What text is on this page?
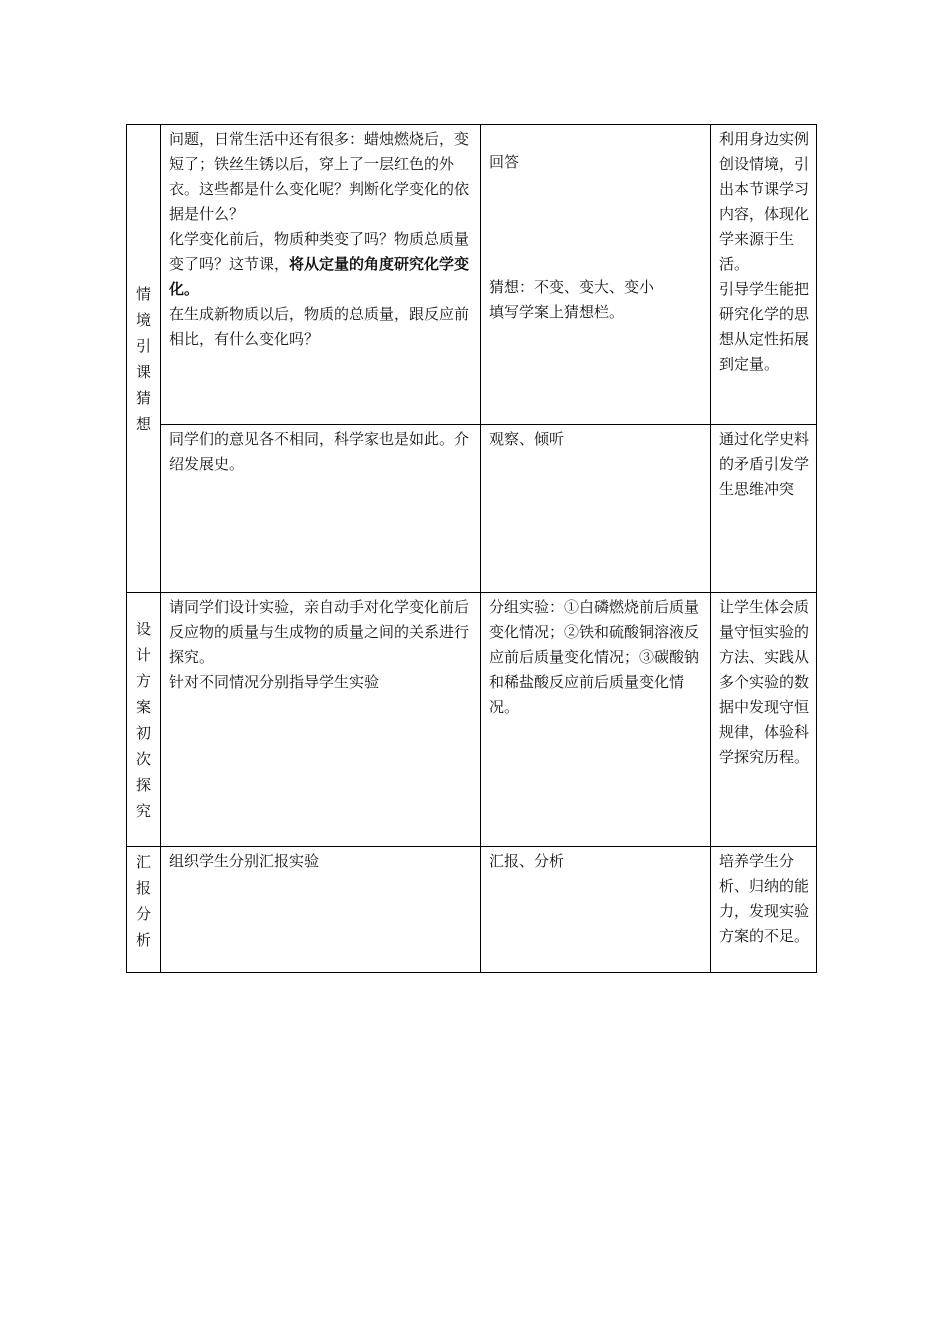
情境引课猜想	问题，日常生活中还有很多：蜡烛燃烧后，变短了；铁丝生锈以后，穿上了一层红色的外衣。这些都是什么变化呢？判断化学变化的依据是什么？
化学变化前后，物质种类变了吗？物质总质量变了吗？这节课，将从定量的角度研究化学变化。
在生成新物质以后，物质的总质量，跟反应前相比，有什么变化吗？	回答
猜想：不变、变大、变小
填写学案上猜想栏。	利用身边实例创设情境，引出本节课学习内容，体现化学来源于生活。
引导学生能把研究化学的思想从定性拓展到定量。

	同学们的意见各不相同，科学家也是如此。介绍发展史。	观察、倾听	通过化学史料的矛盾引发学生思维冲突

设计方案初次探究	请同学们设计实验，亲自动手对化学变化前后反应物的质量与生成物的质量之间的关系进行探究。
针对不同情况分别指导学生实验	分组实验：①白磷燃烧前后质量变化情况；②铁和硫酸铜溶液反应前后质量变化情况；③碳酸钠和稀盐酸反应前后质量变化情况。	让学生体会质量守恒实验的方法、实践从多个实验的数据中发现守恒规律，体验科学探究历程。

汇报分析	组织学生分别汇报实验	汇报、分析	培养学生分析、归纳的能力，发现实验方案的不足。
